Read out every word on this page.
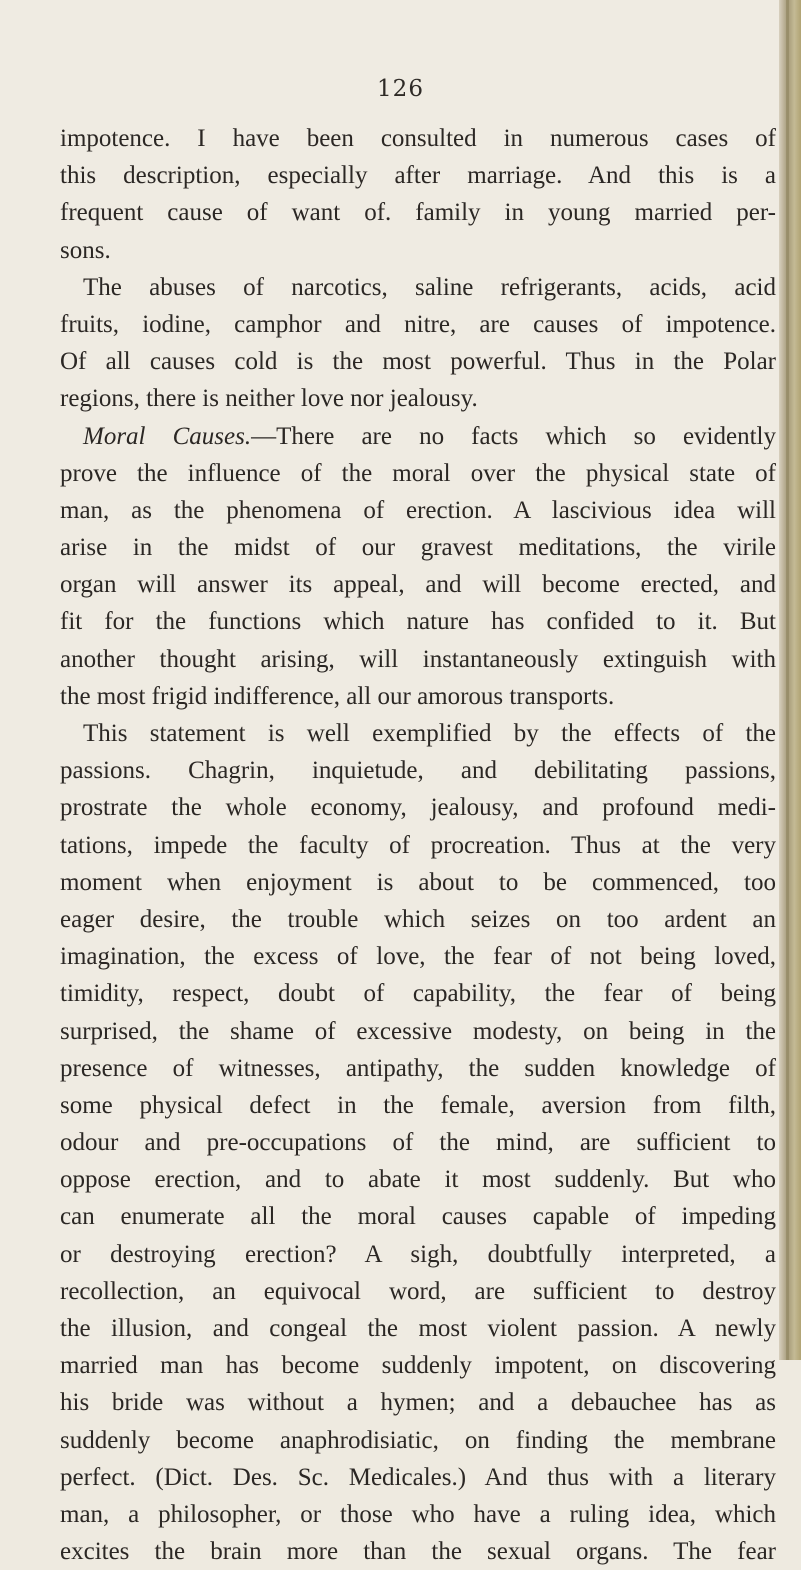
126
impotence. I have been consulted in numerous cases of
this description, especially after marriage. And this is a
frequent cause of want of. family in young married per-
sons.
The abuses of narcotics, saline refrigerants, acids, acid
fruits, iodine, camphor and nitre, are causes of impotence.
Of all causes cold is the most powerful. Thus in the Polar
regions, there is neither love nor jealousy.
Moral Causes.—There are no facts which so evidently
prove the influence of the moral over the physical state of
man, as the phenomena of erection. A lascivious idea will
arise in the midst of our gravest meditations, the virile
organ will answer its appeal, and will become erected, and
fit for the functions which nature has confided to it. But
another thought arising, will instantaneously extinguish with
the most frigid indifference, all our amorous transports.
This statement is well exemplified by the effects of the
passions. Chagrin, inquietude, and debilitating passions,
prostrate the whole economy, jealousy, and profound medi-
tations, impede the faculty of procreation. Thus at the very
moment when enjoyment is about to be commenced, too
eager desire, the trouble which seizes on too ardent an
imagination, the excess of love, the fear of not being loved,
timidity, respect, doubt of capability, the fear of being
surprised, the shame of excessive modesty, on being in the
presence of witnesses, antipathy, the sudden knowledge of
some physical defect in the female, aversion from filth,
odour and pre-occupations of the mind, are sufficient to
oppose erection, and to abate it most suddenly. But who
can enumerate all the moral causes capable of impeding
or destroying erection? A sigh, doubtfully interpreted, a
recollection, an equivocal word, are sufficient to destroy
the illusion, and congeal the most violent passion. A newly
married man has become suddenly impotent, on discovering
his bride was without a hymen; and a debauchee has as
suddenly become anaphrodisiatic, on finding the membrane
perfect. (Dict. Des. Sc. Medicales.) And thus with a literary
man, a philosopher, or those who have a ruling idea, which
excites the brain more than the sexual organs. The fear
